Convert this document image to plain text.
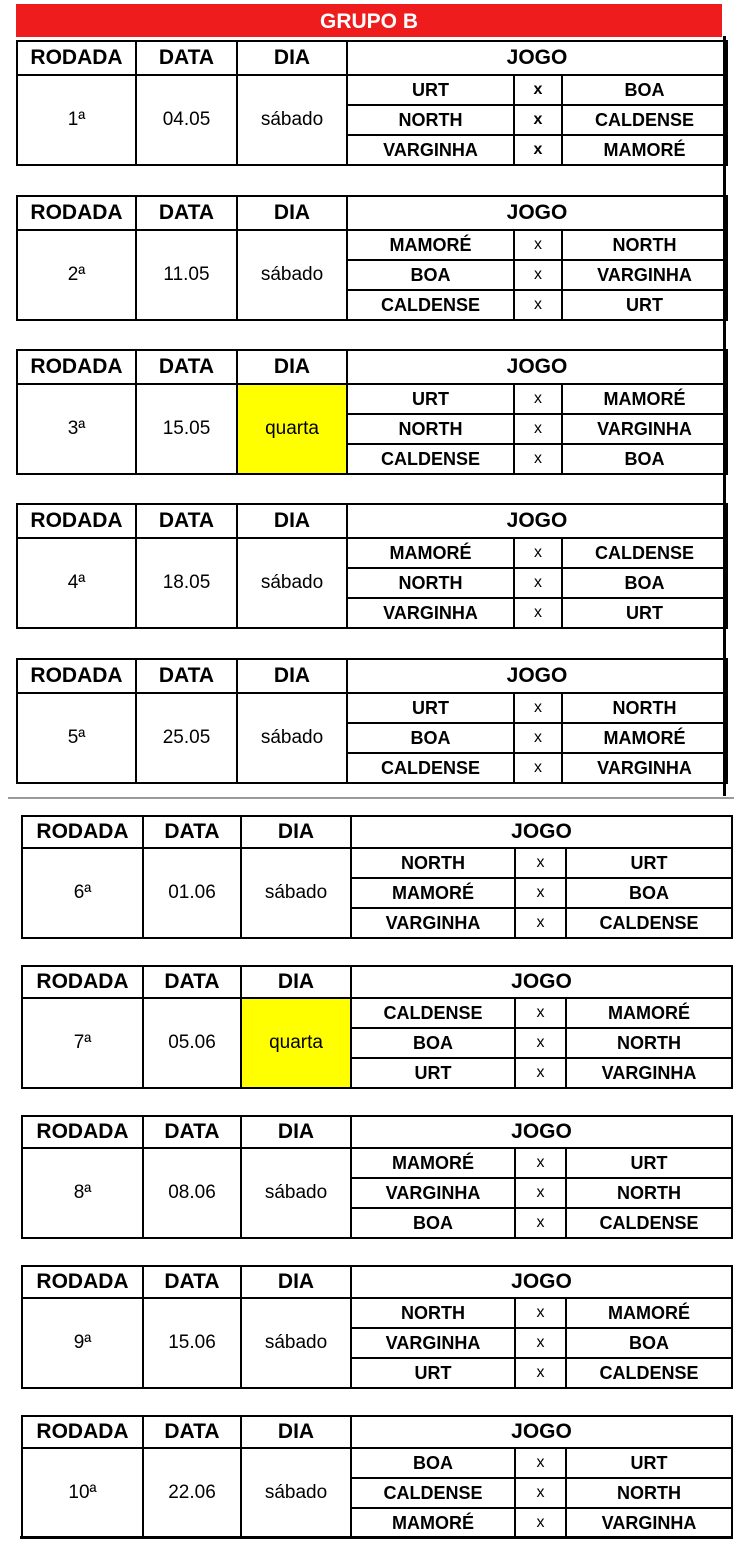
GRUPO B
RODADA	DATA	DIA	JOGO		
1ª	04.05	sábado	URT	x	BOA
			NORTH	x	CALDENSE
			VARGINHA	x	MAMORÉ
RODADA	DATA	DIA	JOGO		
2ª	11.05	sábado	MAMORÉ	x	NORTH
			BOA	x	VARGINHA
			CALDENSE	x	URT
RODADA	DATA	DIA	JOGO		
3ª	15.05	quarta	URT	x	MAMORÉ
			NORTH	x	VARGINHA
			CALDENSE	x	BOA
RODADA	DATA	DIA	JOGO		
4ª	18.05	sábado	MAMORÉ	x	CALDENSE
			NORTH	x	BOA
			VARGINHA	x	URT
RODADA	DATA	DIA	JOGO		
5ª	25.05	sábado	URT	x	NORTH
			BOA	x	MAMORÉ
			CALDENSE	x	VARGINHA
RODADA	DATA	DIA	JOGO		
6ª	01.06	sábado	NORTH	x	URT
			MAMORÉ	x	BOA
			VARGINHA	x	CALDENSE
RODADA	DATA	DIA	JOGO		
7ª	05.06	quarta	CALDENSE	x	MAMORÉ
			BOA	x	NORTH
			URT	x	VARGINHA
RODADA	DATA	DIA	JOGO		
8ª	08.06	sábado	MAMORÉ	x	URT
			VARGINHA	x	NORTH
			BOA	x	CALDENSE
RODADA	DATA	DIA	JOGO		
9ª	15.06	sábado	NORTH	x	MAMORÉ
			VARGINHA	x	BOA
			URT	x	CALDENSE
RODADA	DATA	DIA	JOGO		
10ª	22.06	sábado	BOA	x	URT
			CALDENSE	x	NORTH
			MAMORÉ	x	VARGINHA
